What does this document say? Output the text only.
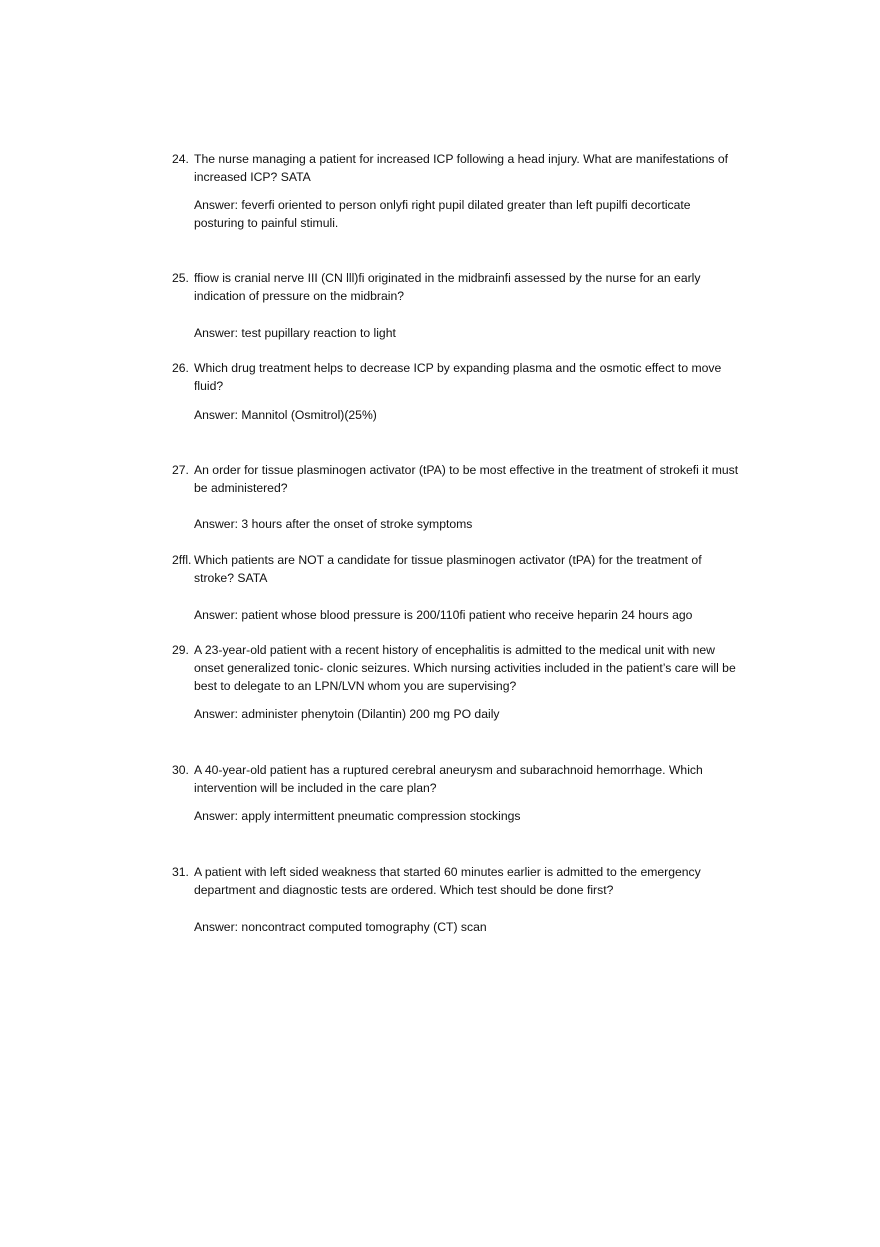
24. The nurse managing a patient for increased ICP following a head injury. What are manifestations of increased ICP? SATA
Answer: feverfi oriented to person onlyfi right pupil dilated greater than left pupilfi decorticate posturing to painful stimuli.
25. ffiow is cranial nerve III (CN lll)fi originated in the midbrainfi assessed by the nurse for an early indication of pressure on the midbrain?
Answer: test pupillary reaction to light
26. Which drug treatment helps to decrease ICP by expanding plasma and the osmotic effect to move fluid?
Answer: Mannitol (Osmitrol)(25%)
27. An order for tissue plasminogen activator (tPA) to be most effective in the treatment of strokefi it must be administered?
Answer: 3 hours after the onset of stroke symptoms
2ffl. Which patients are NOT a candidate for tissue plasminogen activator (tPA) for the treatment of stroke? SATA
Answer: patient whose blood pressure is 200/110fi patient who receive heparin 24 hours ago
29. A 23-year-old patient with a recent history of encephalitis is admitted to the medical unit with new onset generalized tonic- clonic seizures. Which nursing activities included in the patient’s care will be best to delegate to an LPN/LVN whom you are supervising?
Answer: administer phenytoin (Dilantin) 200 mg PO daily
30. A 40-year-old patient has a ruptured cerebral aneurysm and subarachnoid hemorrhage. Which intervention will be included in the care plan?
Answer: apply intermittent pneumatic compression stockings
31. A patient with left sided weakness that started 60 minutes earlier is admitted to the emergency department and diagnostic tests are ordered. Which test should be done first?
Answer: noncontract computed tomography (CT) scan
